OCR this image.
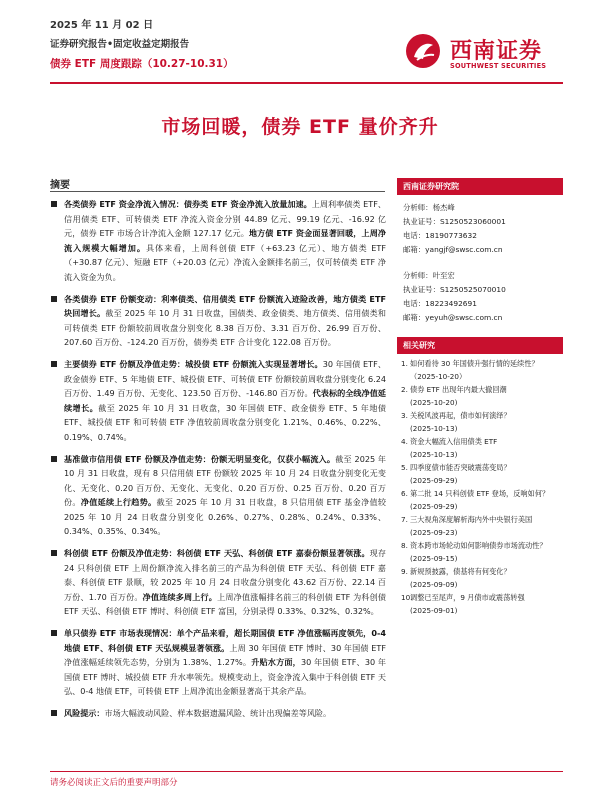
2025 年 11 月 02 日
证券研究报告•固定收益定期报告
债券 ETF 周度跟踪（10.27-10.31）	西南证券
SOUTHWEST SECURITIES
市场回暖，债券 ETF 量价齐升
摘要
各类债券 ETF 资金净流入情况：债券类 ETF 资金净流入放量加速。上周利率债类 ETF、信用债类 ETF、可转债类 ETF 净流入资金分别 44.89 亿元、99.19 亿元、-16.92 亿元，债券 ETF 市场合计净流入金额 127.17 亿元。地方债 ETF 资金面显著回暖，上周净流入规模大幅增加。具体来看，上周科创债 ETF（+63.23 亿元）、地方债类 ETF（+30.87 亿元）、短融 ETF（+20.03 亿元）净流入金额排名前三，仅可转债类 ETF 净流入资金为负。
各类债券 ETF 份额变动：利率债类、信用债类 ETF 份额流入迹险改善，地方债类 ETF 块回增长。截至 2025 年 10 月 31 日收盘，国债类、政金债类、地方债类、信用债类和可转债类 ETF 份额较前周收盘分别变化 8.38 百万份、3.31 百万份、26.99 百万份、207.60 百万份、-124.20 百万份，债券类 ETF 合计变化 122.08 百万份。
主要债券 ETF 份额及净值走势：城投债 ETF 份额流入实现显著增长。30 年国债 ETF、政金债券 ETF、5 年地债 ETF、城投债 ETF、可转债 ETF 份额较前周收盘分别变化 6.24 百万份、1.49 百万份、无变化、123.50 百万份、-146.80 百万份。代表标的全线净值延续增长。截至 2025 年 10 月 31 日收盘，30 年国债 ETF、政金债券 ETF、5 年地债 ETF、城投债 ETF 和可转债 ETF 净值较前周收盘分别变化 1.21%、0.46%、0.22%、0.19%、0.74%。
基准做市信用债 ETF 份额及净值走势：份额无明显变化，仅获小幅流入。截至 2025 年 10 月 31 日收盘，现有 8 只信用债 ETF 份额较 2025 年 10 月 24 日收盘分别变化无变化、无变化、0.20 百万份、无变化、无变化、0.20 百万份、0.25 百万份、0.20 百万份。净值延续上行趋势。截至 2025 年 10 月 31 日收盘，8 只信用债 ETF 基金净值较 2025 年 10 月 24 日收盘分别变化 0.26%、0.27%、0.28%、0.24%、0.33%、0.34%、0.35%、0.34%。
科创债 ETF 份额及净值走势：科创债 ETF 天弘、科创债 ETF 嘉泰份额显著领涨。现存 24 只科创债 ETF 上周份额净流入排名前三的产品为科创债 ETF 天弘、科创债 ETF 嘉泰、科创债 ETF 景顺，较 2025 年 10 月 24 日收盘分别变化 43.62 百万份、22.14 百万份、1.70 百万份。净值连续多周上行。上周净值涨幅排名前三的科创债 ETF 为科创债 ETF 天弘、科创债 ETF 博时、科创债 ETF 富国，分别录得 0.33%、0.32%、0.32%。
单只债券 ETF 市场表现情况：单个产品来看，超长期国债 ETF 净值涨幅再度领先，0-4 地债 ETF、科创债 ETF 天弘规模显著领涨。上周 30 年国债 ETF 博时、30 年国债 ETF 净值涨幅延续领先态势，分别为 1.38%、1.27%。升贴水方面，30 年国债 ETF、30 年国债 ETF 博时、城投债 ETF 升水率领先。规模变动上，资金净流入集中于科创债 ETF 天弘、0-4 地债 ETF，可转债 ETF 上周净流出金额显著高于其余产品。
风险提示：市场大幅波动风险、样本数据遗漏风险、统计出现偏差等风险。
西南证券研究院
分析师：杨杰峰
执业证号：S1250523060001
电话：18190773632
邮箱：yangjf@swsc.com.cn
分析师：叶至宏
执业证号：S1250525070010
电话：18223492691
邮箱：yeyuh@swsc.com.cn
相关研究
1. 如何看待 30 年国债升强行情的延续性？
（2025-10-20）
2. 债券 ETF 出现年内最大撤回潮
(2025-10-20)
3. 关税风波再起，债市如何演绎？
(2025-10-13)
4. 资金大幅流入信用债类 ETF
(2025-10-13)
5. 四季度债市能否突破震荡变局？
(2025-09-29)
6. 第二批 14 只科创债 ETF 登场，反响如何？
(2025-09-29)
7. 三大视角深度解析海内外中央银行美国
(2025-09-23)
8. 资本跨市场轮动如何影响债券市场流动性？
(2025-09-15)
9. 新规预披露，债基将有何变化？
(2025-09-09)
10.
调整已至尾声，9 月债市或震荡转强
(2025-09-01)
请务必阅读正文后的重要声明部分
